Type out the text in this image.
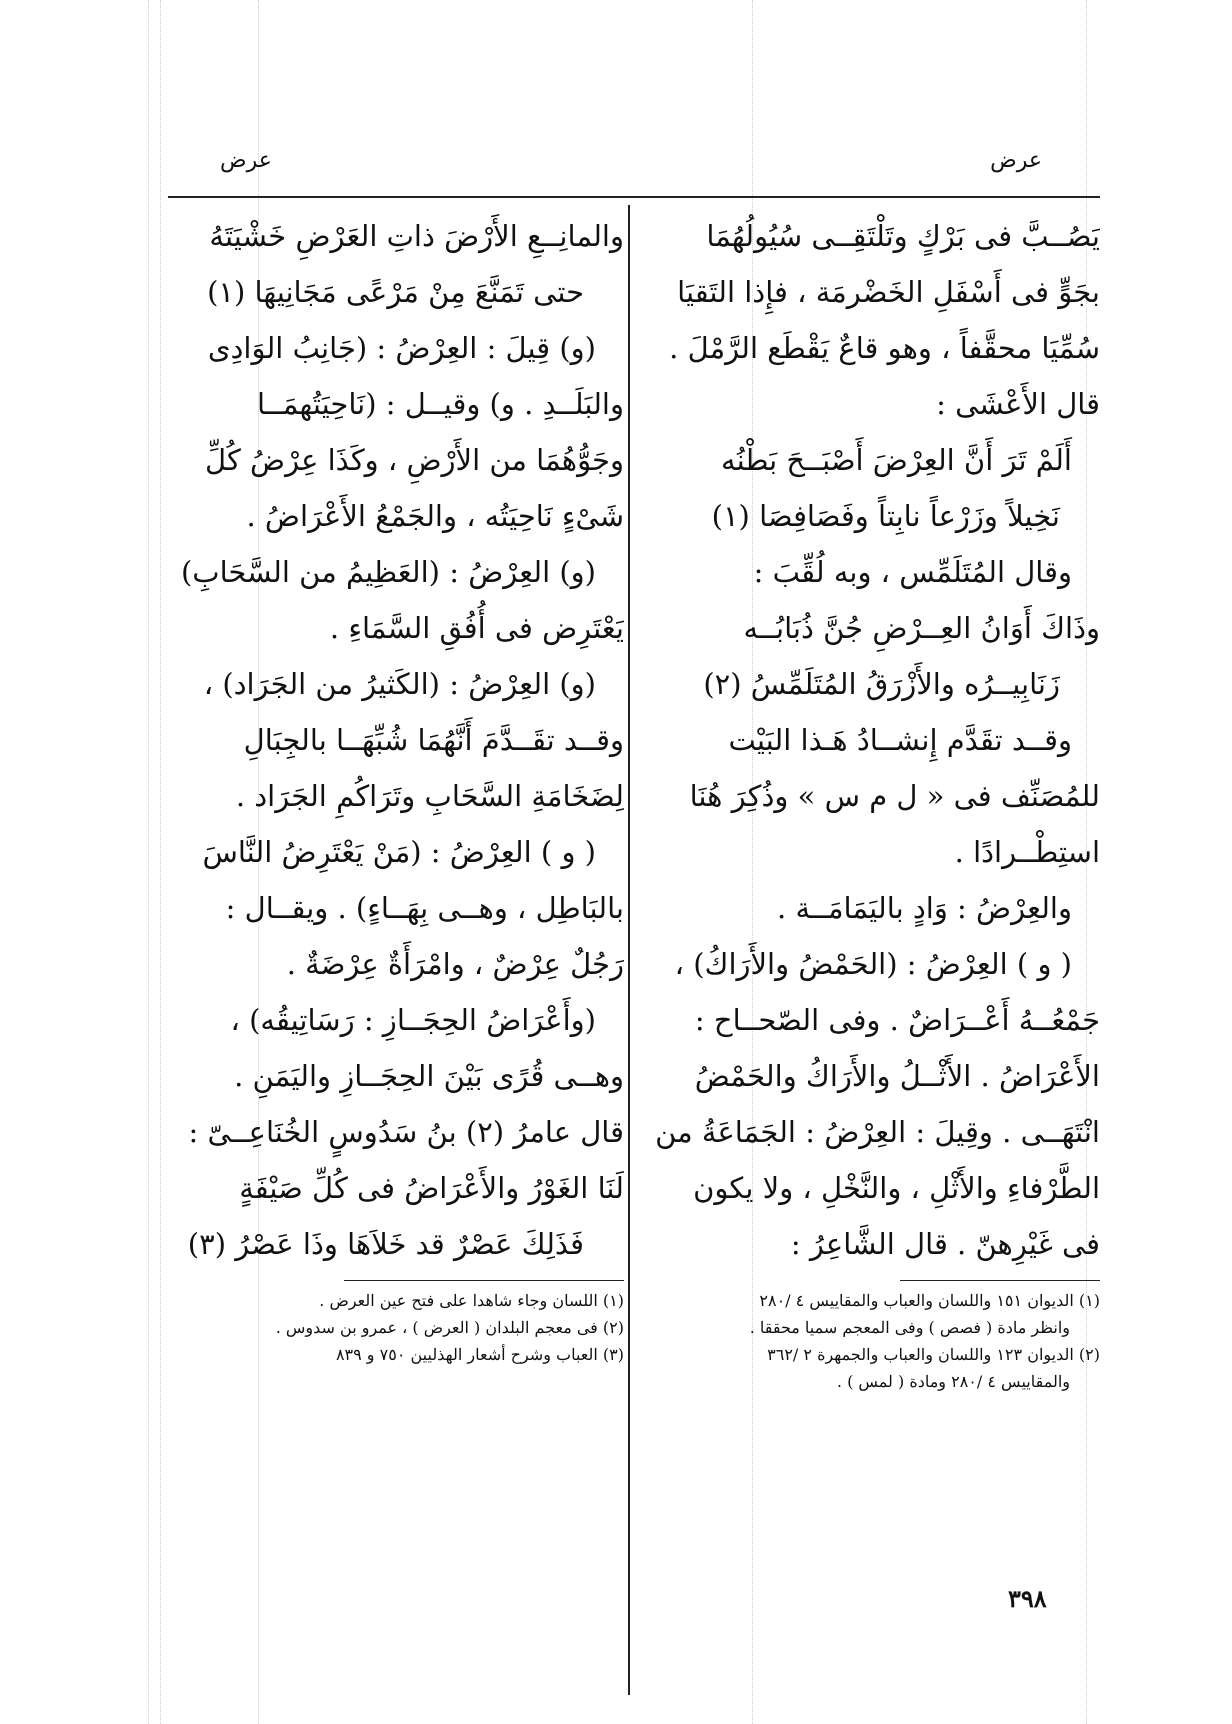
عرض
عرض
يَصُــبَّ فى بَرْكٍ وتَلْتَقِــى سُيُولُهُمَا
بجَوٍّ فى أَسْفَلِ الخَضْرمَة ، فإِذا التَقيَا
سُمِّيَا محقَّفاً ، وهو قاعٌ يَقْطَع الرَّمْلَ .
قال الأَعْشَى :
أَلَمْ تَرَ أَنَّ العِرْضَ أَصْبَــحَ بَطْنُه
نَخِيلاً وزَرْعاً نابِتاً وفَصَافِصَا (١)
وقال المُتَلَمِّس ، وبه لُقِّبَ :
وذَاكَ أَوَانُ العِــرْضِ جُنَّ ذُبَابُــه
زَنَابِيــرُه والأَزْرَقُ المُتَلَمِّسُ (٢)
وقــد تقَدَّم إِنشــادُ هَـذا البَيْت
للمُصَنِّف فى « ل م س » وذُكِرَ هُنَا
استِطْــرادًا .
والعِرْضُ : وَادٍ باليَمَامَــة .
( و ) العِرْضُ : (الحَمْضُ والأَرَاكُ) ،
جَمْعُــهُ أَعْــرَاضٌ . وفى الصّحــاح :
الأَعْرَاضُ . الأَثْــلُ والأَرَاكُ والحَمْضُ
انْتَهَــى . وقِيلَ : العِرْضُ : الجَمَاعَةُ من
الطَّرْفاءِ والأَثْلِ ، والنَّخْلِ ، ولا يكون
فى غَيْرِهنّ . قال الشَّاعِرُ :
(١) الديوان ١٥١ واللسان والعباب والمقاييس ٤ /٢٨٠
وانظر مادة ( فصص ) وفى المعجم سميا محققا .
(٢) الديوان ١٢٣ واللسان والعباب والجمهرة ٢ /٣٦٢
والمقاييس ٤ /٢٨٠ ومادة ( لمس ) .
والمانِــعِ الأَرْضَ ذاتِ العَرْضِ خَشْيَتَهُ
حتى تَمَنَّعَ مِنْ مَرْعًى مَجَانِيهَا (١)
(و) قِيلَ : العِرْضُ : (جَانِبُ الوَادِى
والبَلَــدِ . و) وقيــل : (نَاحِيَتُهمَــا
وجَوُّهُمَا من الأَرْضِ ، وكَذَا عِرْضُ كُلِّ
شَىْءٍ نَاحِيَتُه ، والجَمْعُ الأَعْرَاضُ .
(و) العِرْضُ : (العَظِيمُ من السَّحَابِ)
يَعْتَرِض فى أُفُقِ السَّمَاءِ .
(و) العِرْضُ : (الكَثيرُ من الجَرَاد) ،
وقــد تقَــدَّمَ أَنَّهُمَا شُبِّهَــا بالجِبَالِ
لِضَخَامَةِ السَّحَابِ وتَرَاكُمِ الجَرَاد .
( و ) العِرْضُ : (مَنْ يَعْتَرِضُ النَّاسَ
بالبَاطِل ، وهــى بِهَــاءٍ) . ويقــال :
رَجُلٌ عِرْضٌ ، وامْرَأَةٌ عِرْضَةٌ .
(وأَعْرَاضُ الحِجَــازِ : رَسَاتِيقُه) ،
وهــى قُرًى بَيْنَ الحِجَــازِ واليَمَنِ .
قال عامرُ (٢) بنُ سَدُوسٍ الخُنَاعِــىّ :
لَنَا الغَوْرُ والأَعْرَاضُ فى كُلِّ صَيْفَةٍ
فَذَلِكَ عَصْرٌ قد خَلاَهَا وذَا عَصْرُ (٣)
(١) اللسان وجاء شاهدا على فتح عين العرض .
(٢) فى معجم البلدان ( العرض ) ، عمرو بن سدوس .
(٣) العباب وشرح أشعار الهذليين ٧٥٠ و ٨٣٩
٣٩٨
